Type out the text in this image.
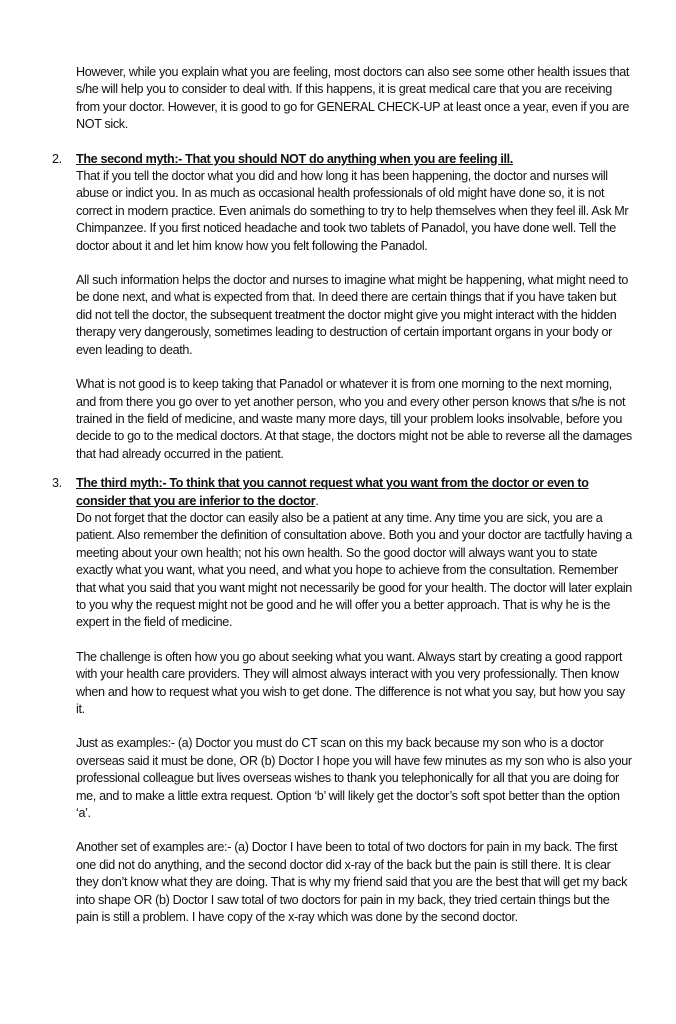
However, while you explain what you are feeling, most doctors can also see some other health issues that s/he will help you to consider to deal with. If this happens, it is great medical care that you are receiving from your doctor. However, it is good to go for GENERAL CHECK-UP at least once a year, even if you are NOT sick.

2. The second myth:- That you should NOT do anything when you are feeling ill.

That if you tell the doctor what you did and how long it has been happening, the doctor and nurses will abuse or indict you. In as much as occasional health professionals of old might have done so, it is not correct in modern practice. Even animals do something to try to help themselves when they feel ill. Ask Mr Chimpanzee. If you first noticed headache and took two tablets of Panadol, you have done well. Tell the doctor about it and let him know how you felt following the Panadol.

All such information helps the doctor and nurses to imagine what might be happening, what might need to be done next, and what is expected from that. In deed there are certain things that if you have taken but did not tell the doctor, the subsequent treatment the doctor might give you might interact with the hidden therapy very dangerously, sometimes leading to destruction of certain important organs in your body or even leading to death.

What is not good is to keep taking that Panadol or whatever it is from one morning to the next morning, and from there you go over to yet another person, who you and every other person knows that s/he is not trained in the field of medicine, and waste many more days, till your problem looks insolvable, before you decide to go to the medical doctors. At that stage, the doctors might not be able to reverse all the damages that had already occurred in the patient.

3. The third myth:- To think that you cannot request what you want from the doctor or even to consider that you are inferior to the doctor.

Do not forget that the doctor can easily also be a patient at any time. Any time you are sick, you are a patient. Also remember the definition of consultation above. Both you and your doctor are tactfully having a meeting about your own health; not his own health. So the good doctor will always want you to state exactly what you want, what you need, and what you hope to achieve from the consultation. Remember that what you said that you want might not necessarily be good for your health. The doctor will later explain to you why the request might not be good and he will offer you a better approach. That is why he is the expert in the field of medicine.

The challenge is often how you go about seeking what you want. Always start by creating a good rapport with your health care providers. They will almost always interact with you very professionally. Then know when and how to request what you wish to get done. The difference is not what you say, but how you say it.

Just as examples:- (a) Doctor you must do CT scan on this my back because my son who is a doctor overseas said it must be done, OR (b) Doctor I hope you will have few minutes as my son who is also your professional colleague but lives overseas wishes to thank you telephonically for all that you are doing for me, and to make a little extra request. Option ‘b’ will likely get the doctor’s soft spot better than the option ‘a’.

Another set of examples are:- (a) Doctor I have been to total of two doctors for pain in my back. The first one did not do anything, and the second doctor did x-ray of the back but the pain is still there. It is clear they don’t know what they are doing. That is why my friend said that you are the best that will get my back into shape OR (b) Doctor I saw total of two doctors for pain in my back, they tried certain things but the pain is still a problem. I have copy of the x-ray which was done by the second doctor.
